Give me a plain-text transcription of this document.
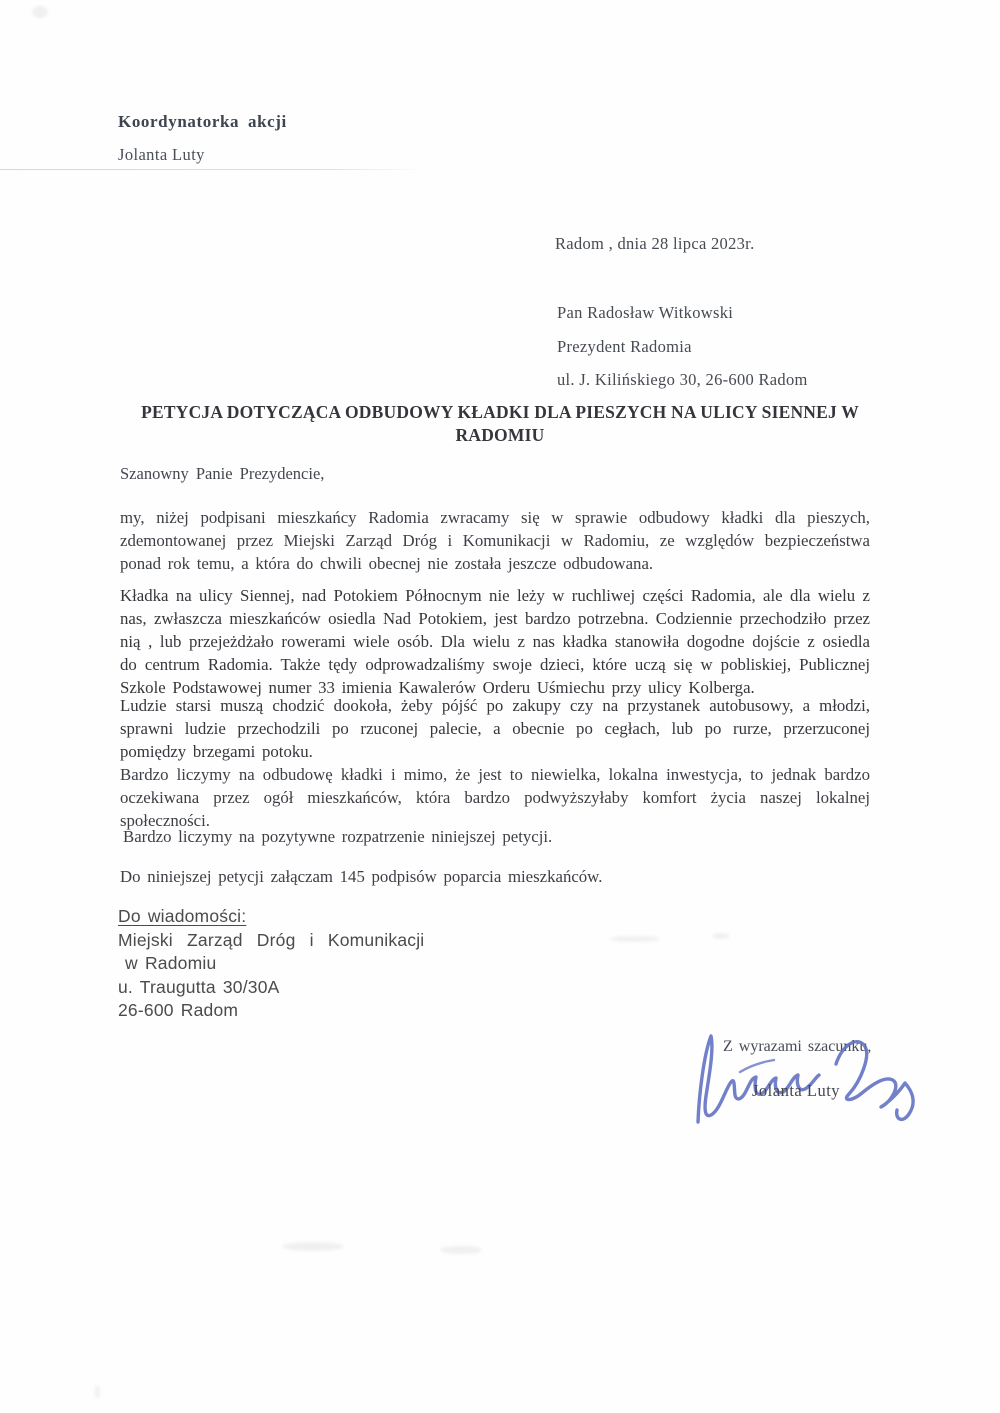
Koordynatorka akcji
Jolanta Luty
Radom , dnia 28 lipca 2023r.
Pan Radosław Witkowski
Prezydent Radomia
ul. J. Kilińskiego 30, 26-600 Radom
PETYCJA DOTYCZĄCA ODBUDOWY KŁADKI DLA PIESZYCH NA ULICY SIENNEJ W
RADOMIU
Szanowny Panie Prezydencie,
my, niżej podpisani mieszkańcy Radomia zwracamy się w sprawie odbudowy kładki dla pieszych, zdemontowanej przez Miejski Zarząd Dróg i Komunikacji w Radomiu, ze względów bezpieczeństwa ponad rok temu, a która do chwili obecnej nie została jeszcze odbudowana.
Kładka na ulicy Siennej, nad Potokiem Północnym nie leży w ruchliwej części Radomia, ale dla wielu z nas, zwłaszcza mieszkańców osiedla Nad Potokiem, jest bardzo potrzebna. Codziennie przechodziło przez nią , lub przejeżdżało rowerami wiele osób. Dla wielu z nas kładka stanowiła dogodne dojście z osiedla do centrum Radomia. Także tędy odprowadzaliśmy swoje dzieci, które uczą się w pobliskiej, Publicznej Szkole Podstawowej numer 33 imienia Kawalerów Orderu Uśmiechu przy ulicy Kolberga.
Ludzie starsi muszą chodzić dookoła, żeby pójść po zakupy czy na przystanek autobusowy, a młodzi, sprawni ludzie przechodzili po rzuconej palecie, a obecnie po cegłach, lub po rurze, przerzuconej pomiędzy brzegami potoku.
Bardzo liczymy na odbudowę kładki i mimo, że jest to niewielka, lokalna inwestycja, to jednak bardzo oczekiwana przez ogół mieszkańców, która bardzo podwyższyłaby komfort życia naszej lokalnej społeczności.
Bardzo liczymy na pozytywne rozpatrzenie niniejszej petycji.
Do niniejszej petycji załączam 145 podpisów poparcia mieszkańców.
Do wiadomości:
Miejski  Zarząd  Dróg  i  Komunikacji
w Radomiu
u. Traugutta 30/30A
26-600 Radom
Z wyrazami szacunku,
Jolanta Luty
